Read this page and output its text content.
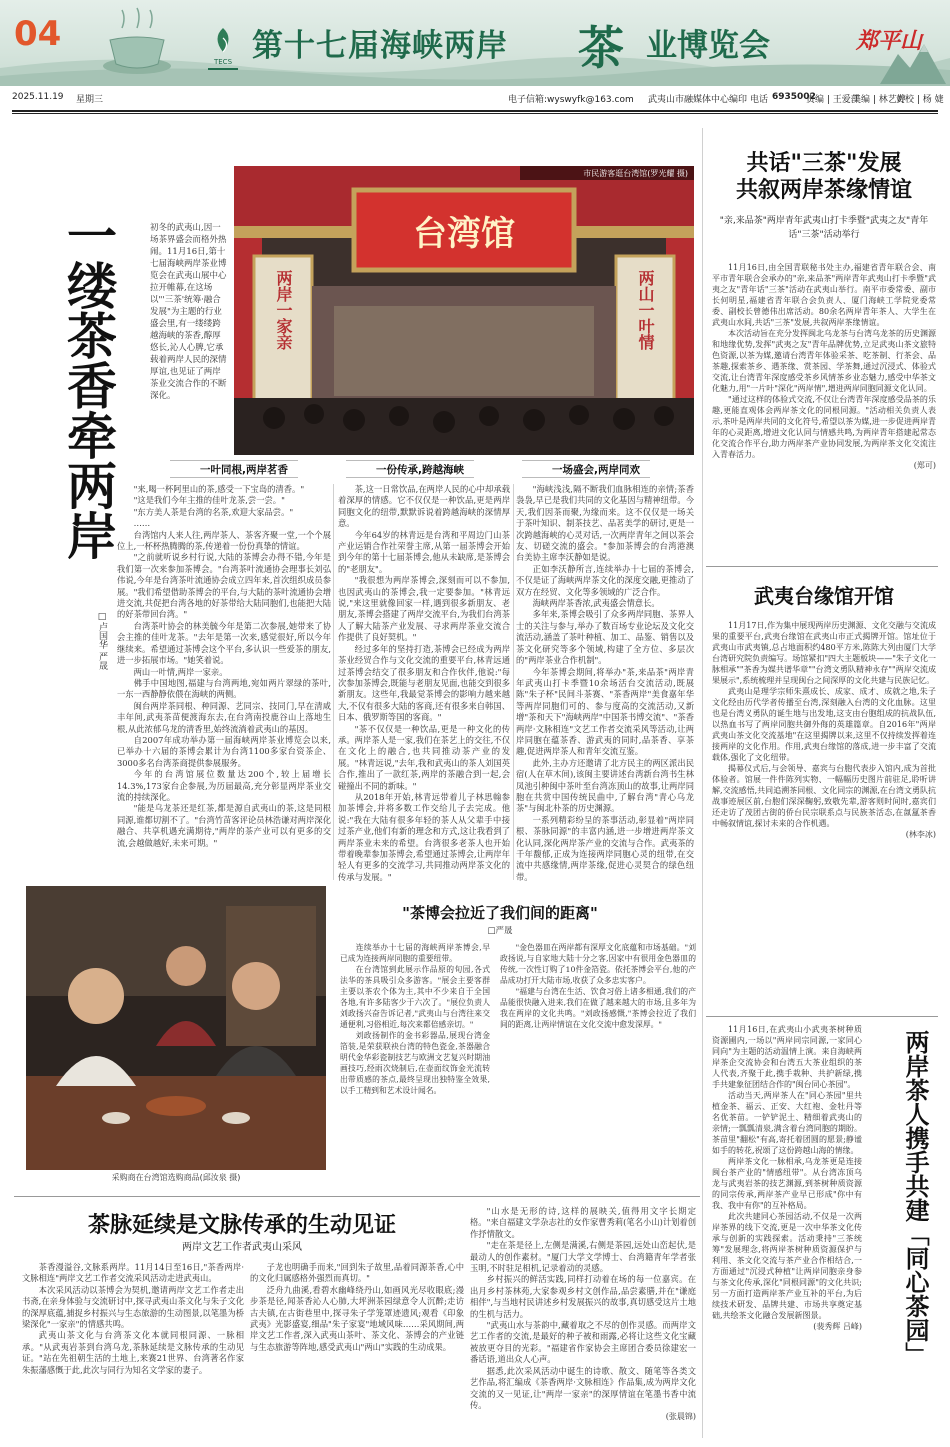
04
TECS 第十七届海峡两岸 茶 业博览会	郑平山
2025.11.19 星期三	电子信箱:wyswyfk@163.com 武夷山市融媒体中心编印 电话 6935002
责编 | 王爱萍
美编 | 林艺婷
责校 | 杨 婕
一缕茶香牵两岸
□卢国华 严晟
初冬的武夷山,因一场茶界盛会而格外热闹。11月16日,第十七届海峡两岸茶业博览会在武夷山展中心拉开帷幕,在这场以"'三茶'统筹·融合发展"为主题的行业盛会里,有一缕缕跨越海峡的茶香,醇厚悠长,沁人心脾,它承载着两岸人民的深情厚谊,也见证了两岸茶业交流合作的不断深化。
台湾馆
两岸一家亲	两山一叶情
市民游客逛台湾馆(罗光耀 摄)
一叶同根,两岸茗香	一份传承,跨越海峡	一场盛会,两岸同欢

"来,喝一杯阿里山的茶,感受一下宝岛的清香。"

"这是我们今年主推的佳叶龙茶,尝一尝。"

"东方美人茶是台湾的名茶,欢迎大家品尝。"

……

台湾馆内人来人往,两岸茶人、茶客齐聚一堂,一个个展位上,一杯杯热腾腾的茶,传递着一份份真挚的情谊。

"之前就听说乡村行说,大陆的茶博会办得不错,今年是我们第一次来参加茶博会。"台湾茶叶流通协会理事长刘弘伟说,今年是台湾茶叶流通协会成立四年来,首次组织成员参展。"我们希望借助茶博会的平台,与大陆的茶叶流通协会增进交流,共促把台湾各地的好茶带给大陆同胞们,也能把大陆的好茶带回台湾。"

台湾茶叶协会的林美毓今年是第二次参展,她带来了协会主推的佳叶龙茶。"去年是第一次来,感觉很好,所以今年继续来。希望通过茶博会这个平台,多认识一些爱茶的朋友,进一步拓展市场。"她笑着说。

两山一叶情,两岸一家亲。

佛手中国地图,福建与台湾两地,宛如两片翠绿的茶叶,一东一西静静依偎在海峡的两侧。

闽台两岸茶同根、种同源、艺同宗、技同门,早在清咸丰年间,武夷茶苗便渡海东去,在台湾南投鹿谷山上落地生根,从此浓郁乌龙的清香里,始终流淌着武夷山的基因。

自2007年成功举办第一届海峡两岸茶业博览会以来,已举办十六届的茶博会累计为台湾1100多家台资茶企、3000多名台湾茶商提供参展服务。

今年的台湾馆展位数量达200个,较上届增长14.3%,173家台企参展,为历届最高,充分彰显两岸茶业交流的持续深化。

"能是乌龙茶还是红茶,都是源自武夷山的茶,这是同根同源,谁都切割不了。"台湾竹苗客评论员林浩谦对两岸深化融合、共享机遇充满期待,"两岸的茶产业可以有更多的交流,会越做越好,未来可期。"

茶,这一日常饮品,在两岸人民的心中却承载着深厚的情感。它不仅仅是一种饮品,更是两岸同胞文化的纽带,默默诉说着跨越海峡的深情厚意。

今年64岁的林青远是台湾和平周边门山茶产业运销合作社荣誉主席,从第一届茶博会开始到今年的第十七届茶博会,他从未缺席,是茶博会的"老朋友"。

"我很想为两岸茶博会,深刻而可以不参加,也因武夷山的茶博会,我一定要参加。"林青远说,"来这里就像回家一样,遇到很多新朋友、老朋友,茶博会搭建了两岸交流平台,为我们台湾茶人了解大陆茶产业发展、寻求两岸茶业交流合作提供了良好契机。"

经过多年的坚持打造,茶博会已经成为两岸茶业经贸合作与文化交流的重要平台,林青远通过茶博会结交了很多朋友和合作伙伴,他说:"每次参加茶博会,既能与老朋友见面,也能交到很多新朋友。这些年,我最觉茶博会的影响力越来越大,不仅有很多大陆的客商,还有很多来自韩国、日本、俄罗斯等国的客商。"

"茶不仅仅是一种饮品,更是一种文化的传承。两岸茶人是一家,我们在茶艺上的交往,不仅在文化上的融合,也共同推动茶产业的发展。"林青远说,"去年,我和武夷山的茶人刘国英合作,推出了一款红茶,两岸的茶融合到一起,会碰撞出不同的新味。"

从2018年开始,林青远带着儿子林思翰参加茶博会,并将多数工作交给儿子去完成。他说:"我在大陆有很多年轻的茶人从父辈手中接过茶产业,他们有新的理念和方式,这让我看到了两岸茶业未来的希望。台湾很多老茶人也开始带着晚辈参加茶博会,希望通过茶博会,让两岸年轻人有更多的交流学习,共同推动两岸茶文化的传承与发展。"

"海峡浅浅,隔不断我们血脉相连的亲情;茶香袅袅,早已是我们共同的文化基因与精神纽带。今天,我们因茶而聚,为缘而来。这不仅仅是一场关于茶叶知识、制茶技艺、品茗美学的研讨,更是一次跨越海峡的心灵对话,一次两岸青年之间以茶会友、切磋交流的盛会。"参加茶博会的台湾港澳台美协主席李沃静如是说。

正如李沃静所言,连续举办十七届的茶博会,不仅是证了海峡两岸茶文化的深度交融,更推动了双方在经贸、文化等多领域的广泛合作。

海峡两岸茶香浓,武夷盛会情意长。

多年来,茶博会吸引了众多两岸同胞、茶界人士的关注与参与,举办了数百场专业论坛及文化交流活动,涵盖了茶叶种植、加工、品鉴、销售以及茶文化研究等多个领域,构建了全方位、多层次的"两岸茶业合作机制"。

今年茶博会期间,将举办"茶,来品茶"两岸青年武夷山打卡季暨10余场活台交流活动,既展陈"朱子杯"民间斗茶赛、"茶香两岸"美食嘉年华等两岸同胞们可的、参与度高的交流活动,又新增"茶和天下"海峡两岸"中国茶书博交流"、"茶香两岸·文脉相连"文艺工作者交流采风等活动,让两岸同胞在蕴茶香、游武夷的同时,品茶香、享茶趣,促进两岸茶人和青年交流互鉴。

此外,主办方还邀请了北方民主的两区派出民宿(人在草木间),该闽主要讲述台湾新台湾书生林凤池引种闽中茶叶至台湾冻顶山的故事,让两岸同胞在共赏中国传统民曲中,了解台湾"青心乌龙茶"与闽北朴茶的历史渊源。

一系列精彩纷呈的茶事活动,彰显着"两岸同根、茶脉同源"的丰富内涵,进一步增进两岸茶文化认同,深化两岸茶产业的交流与合作。武夷茶的千年馥郁,正成为连接两岸同胞心灵的纽带,在交流中共感缘情,两岸茶缘,促进心灵契合的绿色纽带。

采购商在台湾馆选购商品(邱汝泉 摄)
"茶博会拉近了我们间的距离"
□严晟

连续举办十七届的海峡两岸茶博会,早已成为连接两岸同胞的重要纽带。

在台湾馆到此展示作品原的旬园,各式法华的茶具吸引众多游客。"展会主要客群主要以茶农个体为主,其中不少来自于全国各地,有许多陆客少于六次了。"展位负责人刘政扬兴奋告诉记者,"武夷山与台湾往来交通便利,习俗相近,每次来都倍感亲切。"

刘政扬制作的金书彩器品,展现台湾金箔装,是荣获联袂台湾的特色瓷金,茶器融合明代金华彩瓷制技艺与欧洲文艺复兴时期油画技巧,经雨次烧制后,在壶面纹饰金光流转出带质感的茶点,最终呈现出独特鉴全效果,以手工精到和艺术设计闻名。

"金色器皿在两岸都有深厚文化底蕴和市场基础。"刘政扬说,与自家地大陆十分之客,因家中有很用金色器皿的传统,一次性订购了10件金箔瓷。依托茶博会平台,他的产品成功打开大陆市场,收获了众多忠实客户。

"福建与台湾在生活、饮食习俗上诸多相通,我们的产品能很快融入进来,我们在做了越来越大的市场,且多年为我在两岸的文化共鸣。"刘政扬感慨,"茶博会拉近了我们间的距离,让两岸情谊在文化交流中愈发深厚。"

茶脉延续是文脉传承的生动见证
两岸文艺工作者武夷山采风

茶香漫溢谷,文脉系两岸。11月14日至16日,"茶香两岸·文脉相连"两岸文艺工作者交流采风活动走进武夷山。

本次采风活动以茶博会为契机,邀请两岸文艺工作者走出书斋,在亲身体验与交流研讨中,探寻武夷山茶文化与朱子文化的深厚底蕴,捕捉乡村振兴与生态旅游的生动图景,以笔墨为桥梁深化"一家亲"的情感共鸣。

武夷山茶文化与台湾茶文化本就同根同源、一脉相承。"从武夷岩茶到台湾乌龙,茶脉延续是文脉传承的生动见证。"站在先祖朝生活的土地上,来赛21世界、台湾著名作家朱振藩感慨于此,此次与同行为知名文学家的妻子。

子龙也明确手而来,"回到朱子故里,品着同源茶香,心中的文化归属感格外强烈而真切。"

泛舟九曲溪,看碧水幽峰绕丹山,如画风光尽收眼底;漫步茶是径,闻茶香沁人心肺,大坪洲茶园绿意令人沉醉;走访古夫镇,在古街巷里中,探寻朱子学笼罩迹遗风;观看《印象武夷》光影盛宴,细品"朱子家宴"地域风味……采风期间,两岸文艺工作者,深入武夷山茶叶、茶文化、茶博会的产业链与生态旅游等阵地,感受武夷山"两山"实践的生动成果。

"山水是无形的诗,这样的展映关,值得用文字长期定格。"来自福建文学杂志社的女作家曹秀莉(笔名小山)计划着创作抒情散文。

"走在茶是径上,左侧是满溪,右侧是茶园,远处山峦起伏,是最动人的创作素材。"厦门大学文学博士、台湾籍青年学者张玉明,不时驻足相机,记录着动的灵感。

乡村振兴的鲜活实践,同样打动着在场的每一位嘉宾。在出月乡村茶林苑,大家参观乡村文创作品,品尝素膳,并在"谦庭相伴",与当地村民讲述乡村发展振兴的故事,真切感受这片土地的生机与活力。

"武夷山水与茶韵中,藏着取之不尽的创作灵感。而两岸文艺工作者的交流,是最好的种子被和雨露,必将让这些文化宝藏被放更夺目的光彩。"福建省作家协会主席团合委员徐建宏一番话语,道出众人心声。

据悉,此次采风活动中诞生的诗歌、散文、随笔等各类文艺作品,将汇编成《茶香两岸·文脉相连》作品集,成为两岸文化交流的又一见证,让"两岸一家亲"的深厚情谊在笔墨书香中流传。

(张晨锦)
共话"三茶"发展
共叙两岸茶缘情谊
"亲,来品茶"两岸青年武夷山打卡季暨"武夷之友"青年话"三茶"活动举行

11月16日,由全国青联秘书处主办,福建省青年联合会、南平市青年联合会承办的"亲,来品茶"两岸青年武夷山打卡季暨"武夷之友"青年话"三茶"活动在武夷山举行。南平市委常委、副市长何明星,福建省青年联合会负责人、厦门海峡工学院党委常委、副校长曾德伟出席活动。80余名两岸青年茶人、大学生在武夷山水间,共话"三茶"发展,共叙两岸茶缘情谊。

本次活动旨在充分发挥闽北乌龙茶与台湾乌龙茶的历史渊源和地缘优势,发挥"武夷之友"青年品牌优势,立足武夷山茶文旅特色资源,以茶为媒,邀请台湾青年体验采茶、吃茶制、行茶会、品茶趣,探索茶乡、遇茶缘、赏茶园、学茶舞,通过沉浸式、体验式交流,让台湾青年深度感受茶乡风情茶乡业态魅力,感受中华茶文化魅力,用"一片叶"深化"两岸情",增进两岸同胞同源文化认同。

"通过这样的体验式交流,不仅让台湾青年深度感受品茶的乐趣,更能直观体会两岸茶文化的同根同源。"活动相关负责人表示,茶叶是两岸共同的文化符号,希望以茶为媒,进一步促进两岸青年的心灵距离,增进文化认同与情感共鸣,为两岸青年搭建起常态化交流合作平台,助力两岸茶产业协同发展,为两岸茶文化交流注入青春活力。

(郑可)
武夷台缘馆开馆

11月17日,作为集中展现两岸历史渊源、文化交融与交流成果的重要平台,武夷台缘馆在武夷山市正式揭牌开馆。馆址位于武夷山市武夷镇,总占地面积约480平方米,陈陈大列由厦门大学台湾研究院负责编写。场馆紧扣"四大主题板块——"朱子文化一脉相承""茶香为媒共谱华章""台湾文勇队精神永存""两岸交流成果展示",系统梳理并呈现闽台之间深厚的文化共建与民族记忆。

武夷山是理学宗师朱熹成长、成家、成才、成就之地,朱子文化经由历代学者传播至台湾,深刻融入台湾的文化血脉。这里也是台湾义勇队的诞生地与出发地,这支由台胞组成的抗战队伍,以热血书写了两岸同胞共御外侮的英雄篇章。自2016年"两岸武夷山茶文化交流基地"在这里揭牌以来,这里不仅持续发挥着连接两岸的文化作用。作用,武夷台缘馆的落成,进一步丰富了交流载体,强化了文化纽带。

揭幕仪式后,与会领导、嘉宾与台胞代表步入馆内,成为首批体验者。馆展一件件陈列实物、一幅幅历史图片前驻足,聆听讲解,交流感悟,共同追溯茶同根、文化同宗的渊源,在台湾文勇队抗战事迹展区前,台胞们深深鞠躬,致敬先辈,游客则时间时,嘉宾们还走访了茂团古街的侨台民宗联系点与民族茶活态,在氤氲茶香中畅叙情谊,探讨未来的合作机遇。

(林李冰)
两岸茶人携手共建「同心茶园」

11月16日,在武夷山小武夷茶树种质资源圃内,一场以"两岸同宗同源,一家同心同向"为主题的活动温情上演。来自海峡两岸茶企交流协会和台湾五大茶业组织的茶人代表,齐聚于此,携手栽种、共护新绿,携手共建象征团结合作的"闽台同心茶园"。

活动当天,两岸茶人在"同心茶园"里共植金茶、福云、正安、大红袍、金牡丹等名优茶苗。一铲铲泥土、精细着武夷山的亲情;一瓢瓢清泉,满含着台湾同胞的期盼。茶苗里"翻松"有高,寄托着团圆的愿景;静谧如手的转花,祝颂了这份跨越山海的情缘。

两岸茶文化一脉相承,乌龙茶更是连接闽台茶产业的"情感纽带"。从台湾冻顶乌龙与武夷岩茶的技艺渊源,到茶树种质资源的同宗传承,两岸茶产业早已形成"你中有我、我中有你"的互补格局。

此次共建同心茶园活动,不仅是一次两岸茶界的线下交流,更是一次中华茶文化传承与创新的实践探索。活动秉持"三茶统筹"发展理念,将两岸茶树种质资源保护与利用、茶文化交流与茶产业合作相结合,一方面通过"沉浸式种植"让两岸同胞亲身参与茶文化传承,深化"同根同源"的文化共识;另一方面打造两岸茶产业互补的平台,为后续技术研发、品牌共建、市场共享奠定基础,共绘茶文化融合发展新图景。

(裴秀辉 吕峰)
